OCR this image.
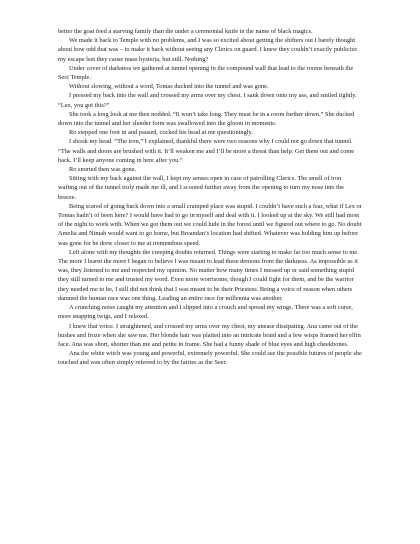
better the goat feed a starving family than die under a ceremonial knife in the name of black magics.

We made it back to Temple with no problems, and I was so excited about getting the shifters out I barely thought about how odd that was – to make it back without seeing any Clerics on guard. I knew they couldn’t exactly publicize my escape lest they cause mass hysteria, but still. Nothing?

Under cover of darkness we gathered at tunnel opening in the compound wall that lead to the rooms beneath the Sect Temple.

Without slowing, without a word, Tomas ducked into the tunnel and was gone.

I pressed my back into the wall and crossed my arms over my chest. I sank down onto my ass, and smiled tightly. “Lex, you got this?”

She took a long look at me then nodded. “It won’t take long. They must be in a room further down.” She ducked down into the tunnel and her slender form was swallowed into the gloom in moments.

Ro stepped one foot in and paused, cocked his head at me questioningly.

I shook my head. “The iron,” I explained, thankful there were two reasons why I could not go down that tunnel. “The walls and doors are brushed with it. It’ll weaken me and I’ll be more a threat than help. Get them out and come back. I’ll keep anyone coming in here after you.”

Ro snorted then was gone.

Sitting with my back against the wall, I kept my senses open in case of patrolling Clerics. The smell of iron wafting out of the tunnel truly made me ill, and I scooted further away from the opening to turn my nose into the breeze.

Being scared of going back down into a small cramped place was stupid. I couldn’t have such a fear, what if Lex or Tomas hadn’t of been here? I would have had to go in myself and deal with it. I looked up at the sky. We still had most of the night to work with. When we got them out we could hide in the forest until we figured out where to go. No doubt Amelia and Nimah would want to go home, but Breandan’s location had shifted. Whatever was holding him up before was gone for he drew closer to me at tremendous speed.

Left alone with my thoughts the creeping doubts returned. Things were starting to make far too much sense to me. The more I learnt the more I began to believe I was meant to lead these demons from the darkness. As impossible as it was, they listened to me and respected my opinion. No matter how many times I messed up or said something stupid they still turned to me and trusted my word. Even more worrisome, though I could fight for them, and be the warrior they needed me to be, I still did not think that I was meant to be their Priestess. Being a voice of reason when others damned the human race was one thing. Leading an entire race for millennia was another.

A crunching noise caught my attention and I slipped into a crouch and spread my wings. There was a soft curse, more snapping twigs, and I relaxed.

I knew that voice. I straightened, and crossed my arms over my chest, my unease dissipating. Ana came out of the bushes and froze when she saw me. Her blonde hair was plaited into an intricate braid and a few wisps framed her elfin face. Ana was short, shorter than me and petite in frame. She had a funny shade of blue eyes and high cheekbones.

Ana the white witch was young and powerful, extremely powerful. She could see the possible futures of people she touched and was often simply referred to by the fairies as the Seer.
